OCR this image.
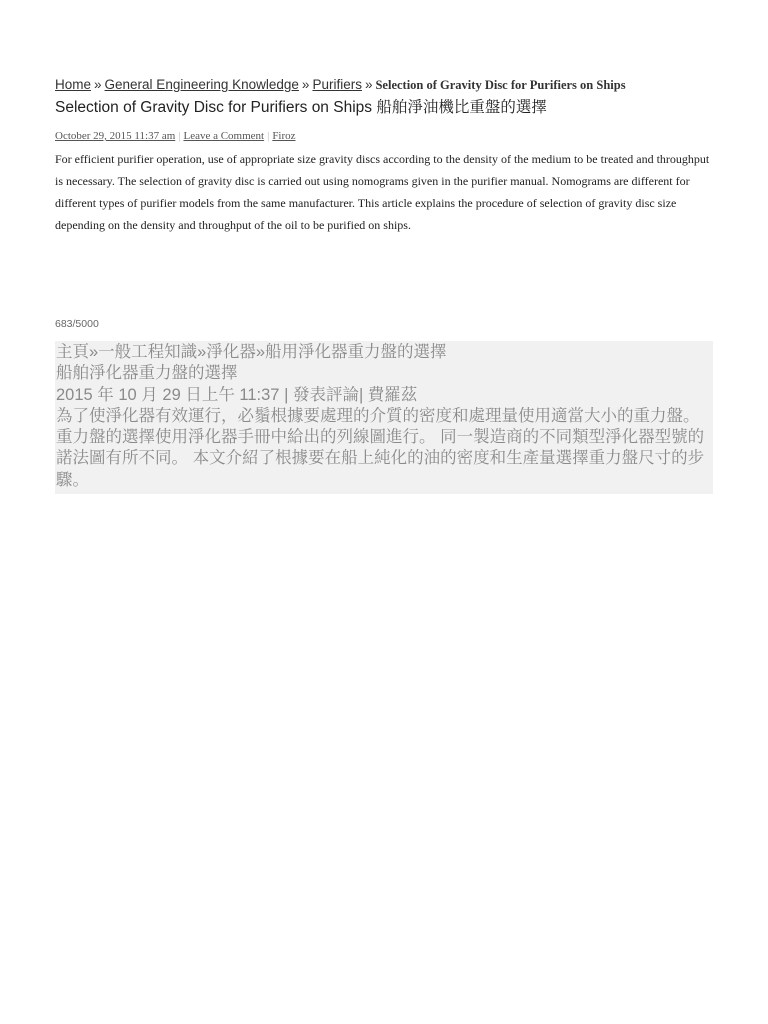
Home » General Engineering Knowledge » Purifiers » Selection of Gravity Disc for Purifiers on Ships
Selection of Gravity Disc for Purifiers on Ships 船舶淨油機比重盤的選擇
October 29, 2015 11:37 am | Leave a Comment | Firoz
For efficient purifier operation, use of appropriate size gravity discs according to the density of the medium to be treated and throughput is necessary. The selection of gravity disc is carried out using nomograms given in the purifier manual. Nomograms are different for different types of purifier models from the same manufacturer. This article explains the procedure of selection of gravity disc size depending on the density and throughput of the oil to be purified on ships.
683/5000
主頁»一般工程知識»淨化器»船用淨化器重力盤的選擇
船舶淨化器重力盤的選擇
2015 年 10 月 29 日上午 11:37 | 發表評論| 費羅茲
為了使淨化器有效運行，必鬚根據要處理的介質的密度和處理量使用適當大小的重力盤。 重力盤的選擇使用淨化器手冊中給出的列線圖進行。 同一製造商的不同類型淨化器型號的諾法圖有所不同。 本文介紹了根據要在船上純化的油的密度和生產量選擇重力盤尺寸的步驟。
